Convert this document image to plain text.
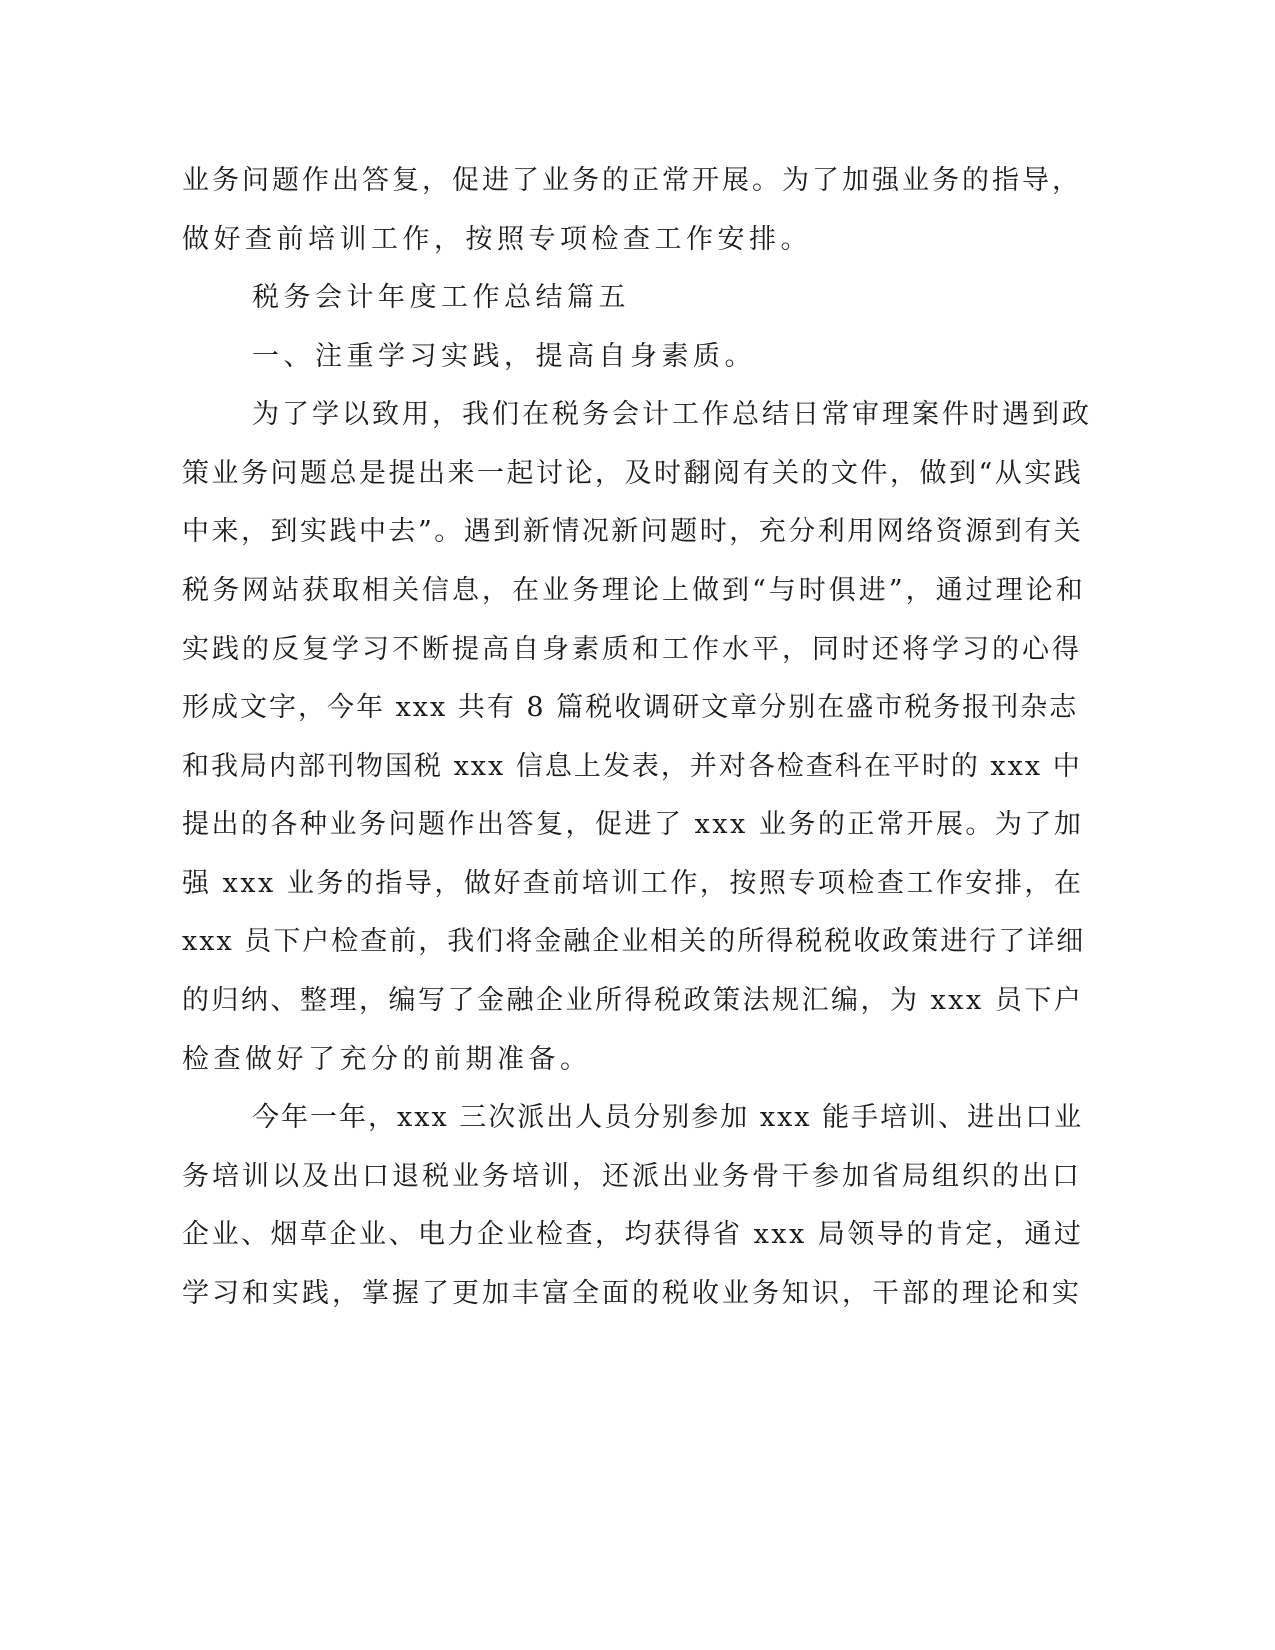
业务问题作出答复，促进了业务的正常开展。为了加强业务的指导，
做好查前培训工作，按照专项检查工作安排。
税务会计年度工作总结篇五
一、注重学习实践，提高自身素质。
为了学以致用，我们在税务会计工作总结日常审理案件时遇到政
策业务问题总是提出来一起讨论，及时翻阅有关的文件，做到“从实践
中来，到实践中去”。遇到新情况新问题时，充分利用网络资源到有关
税务网站获取相关信息，在业务理论上做到“与时俱进”，通过理论和
实践的反复学习不断提高自身素质和工作水平，同时还将学习的心得
形成文字，今年 xxx 共有 8 篇税收调研文章分别在盛市税务报刊杂志
和我局内部刊物国税 xxx 信息上发表，并对各检查科在平时的 xxx 中
提出的各种业务问题作出答复，促进了 xxx 业务的正常开展。为了加
强 xxx 业务的指导，做好查前培训工作，按照专项检查工作安排，在
xxx 员下户检查前，我们将金融企业相关的所得税税收政策进行了详细
的归纳、整理，编写了金融企业所得税政策法规汇编，为 xxx 员下户
检查做好了充分的前期准备。
今年一年，xxx 三次派出人员分别参加 xxx 能手培训、进出口业
务培训以及出口退税业务培训，还派出业务骨干参加省局组织的出口
企业、烟草企业、电力企业检查，均获得省 xxx 局领导的肯定，通过
学习和实践，掌握了更加丰富全面的税收业务知识，干部的理论和实
